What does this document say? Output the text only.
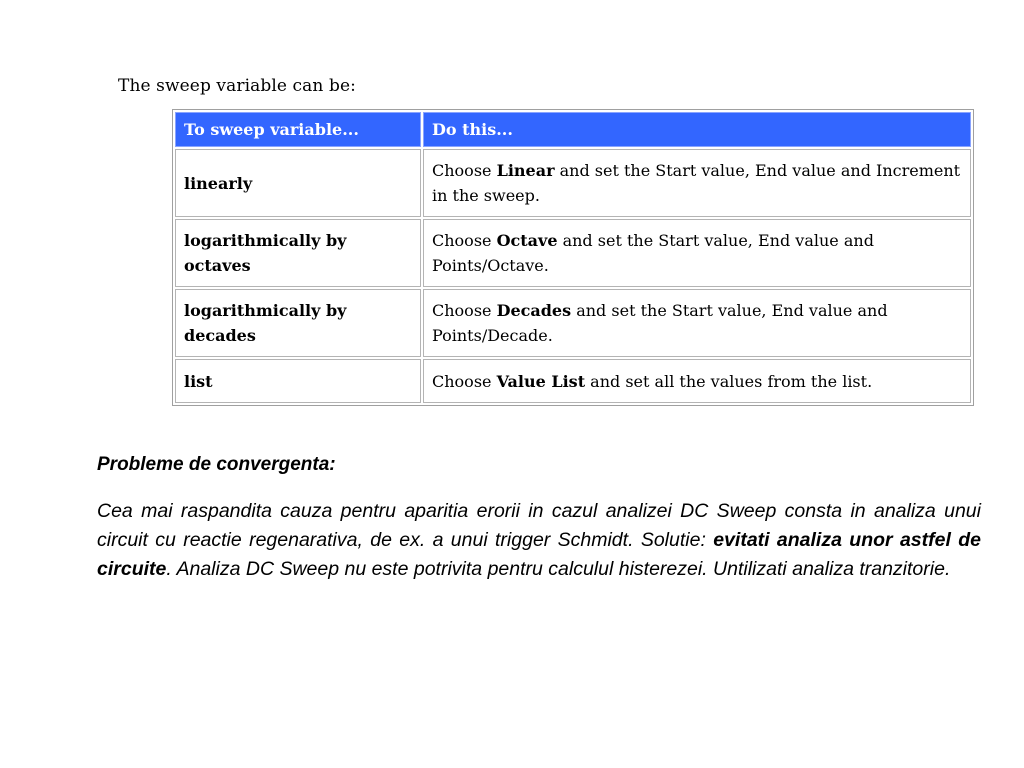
The sweep variable can be:
To sweep variable...	Do this...
linearly	Choose Linear and set the Start value, End value and Increment in the sweep.
logarithmically by octaves	Choose Octave and set the Start value, End value and Points/Octave.
logarithmically by decades	Choose Decades and set the Start value, End value and Points/Decade.
list	Choose Value List and set all the values from the list.
Probleme de convergenta:
Cea mai raspandita cauza pentru aparitia erorii in cazul analizei DC Sweep consta in analiza unui circuit cu reactie regenarativa, de ex. a unui trigger Schmidt. Solutie: evitati analiza unor astfel de circuite. Analiza DC Sweep nu este potrivita pentru calculul histerezei. Untilizati analiza tranzitorie.
